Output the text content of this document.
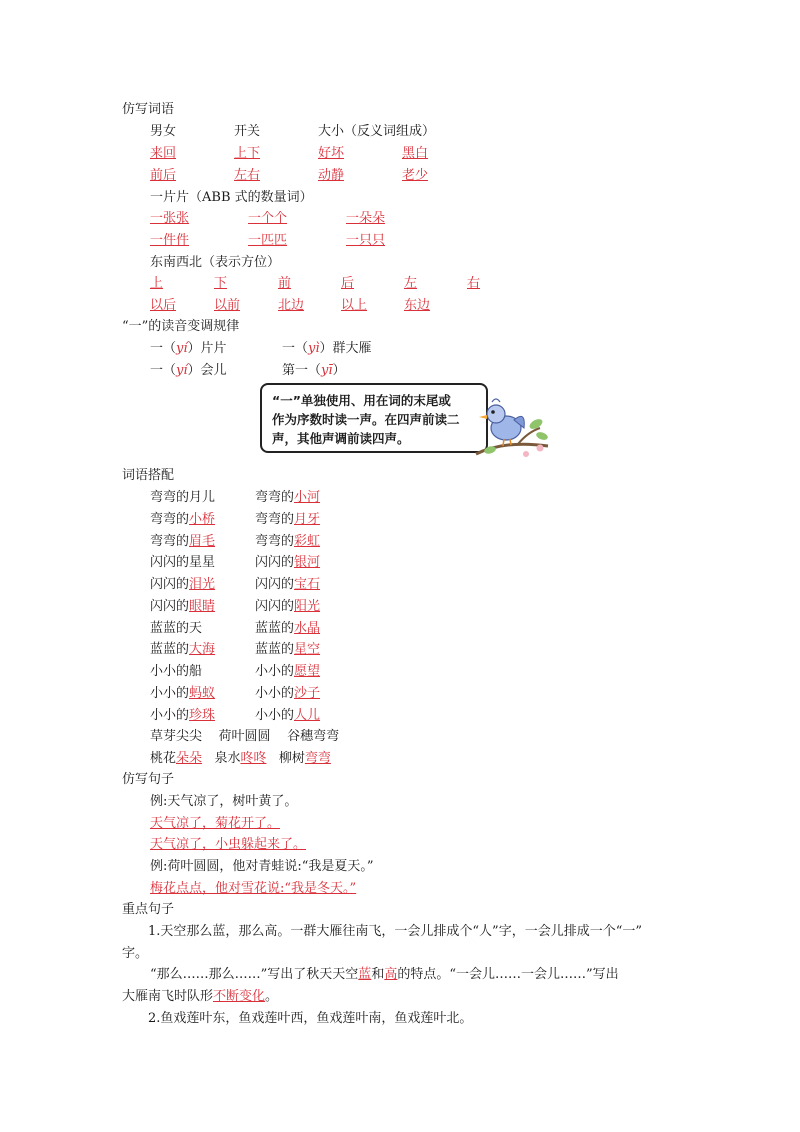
仿写词语
男女	开关	大小（反义词组成）
来回	上下	好坏	黑白
前后	左右	动静	老少
一片片（ABB 式的数量词）
一张张	一个个	一朵朵
一件件	一匹匹	一只只
东南西北（表示方位）
上	下	前	后	左	右
以后	以前	北边	以上	东边
“一”的读音变调规律
一（yí）片片	一（yì）群大雁
一（yí）会儿	第一（yī）
“一”单独使用、用在词的末尾或作为序数时读一声。在四声前读二声，其他声调前读四声。
词语搭配
弯弯的月儿	弯弯的小河
弯弯的小桥	弯弯的月牙
弯弯的眉毛	弯弯的彩虹
闪闪的星星	闪闪的银河
闪闪的泪光	闪闪的宝石
闪闪的眼睛	闪闪的阳光
蓝蓝的天	蓝蓝的水晶
蓝蓝的大海	蓝蓝的星空
小小的船	小小的愿望
小小的蚂蚁	小小的沙子
小小的珍珠	小小的人儿
草芽尖尖 荷叶圆圆 谷穗弯弯
桃花朵朵 泉水咚咚 柳树弯弯
仿写句子
例:天气凉了，树叶黄了。
天气凉了，菊花开了。
天气凉了，小虫躲起来了。
例:荷叶圆圆，他对青蛙说:“我是夏天。”
梅花点点，他对雪花说:“我是冬天。”
重点句子
1.天空那么蓝，那么高。一群大雁往南飞，一会儿排成个“人”字，一会儿排成一个“一”
字。
“那么……那么……”写出了秋天天空蓝和高的特点。“一会儿……一会儿……”写出
大雁南飞时队形不断变化。
2.鱼戏莲叶东，鱼戏莲叶西，鱼戏莲叶南，鱼戏莲叶北。
